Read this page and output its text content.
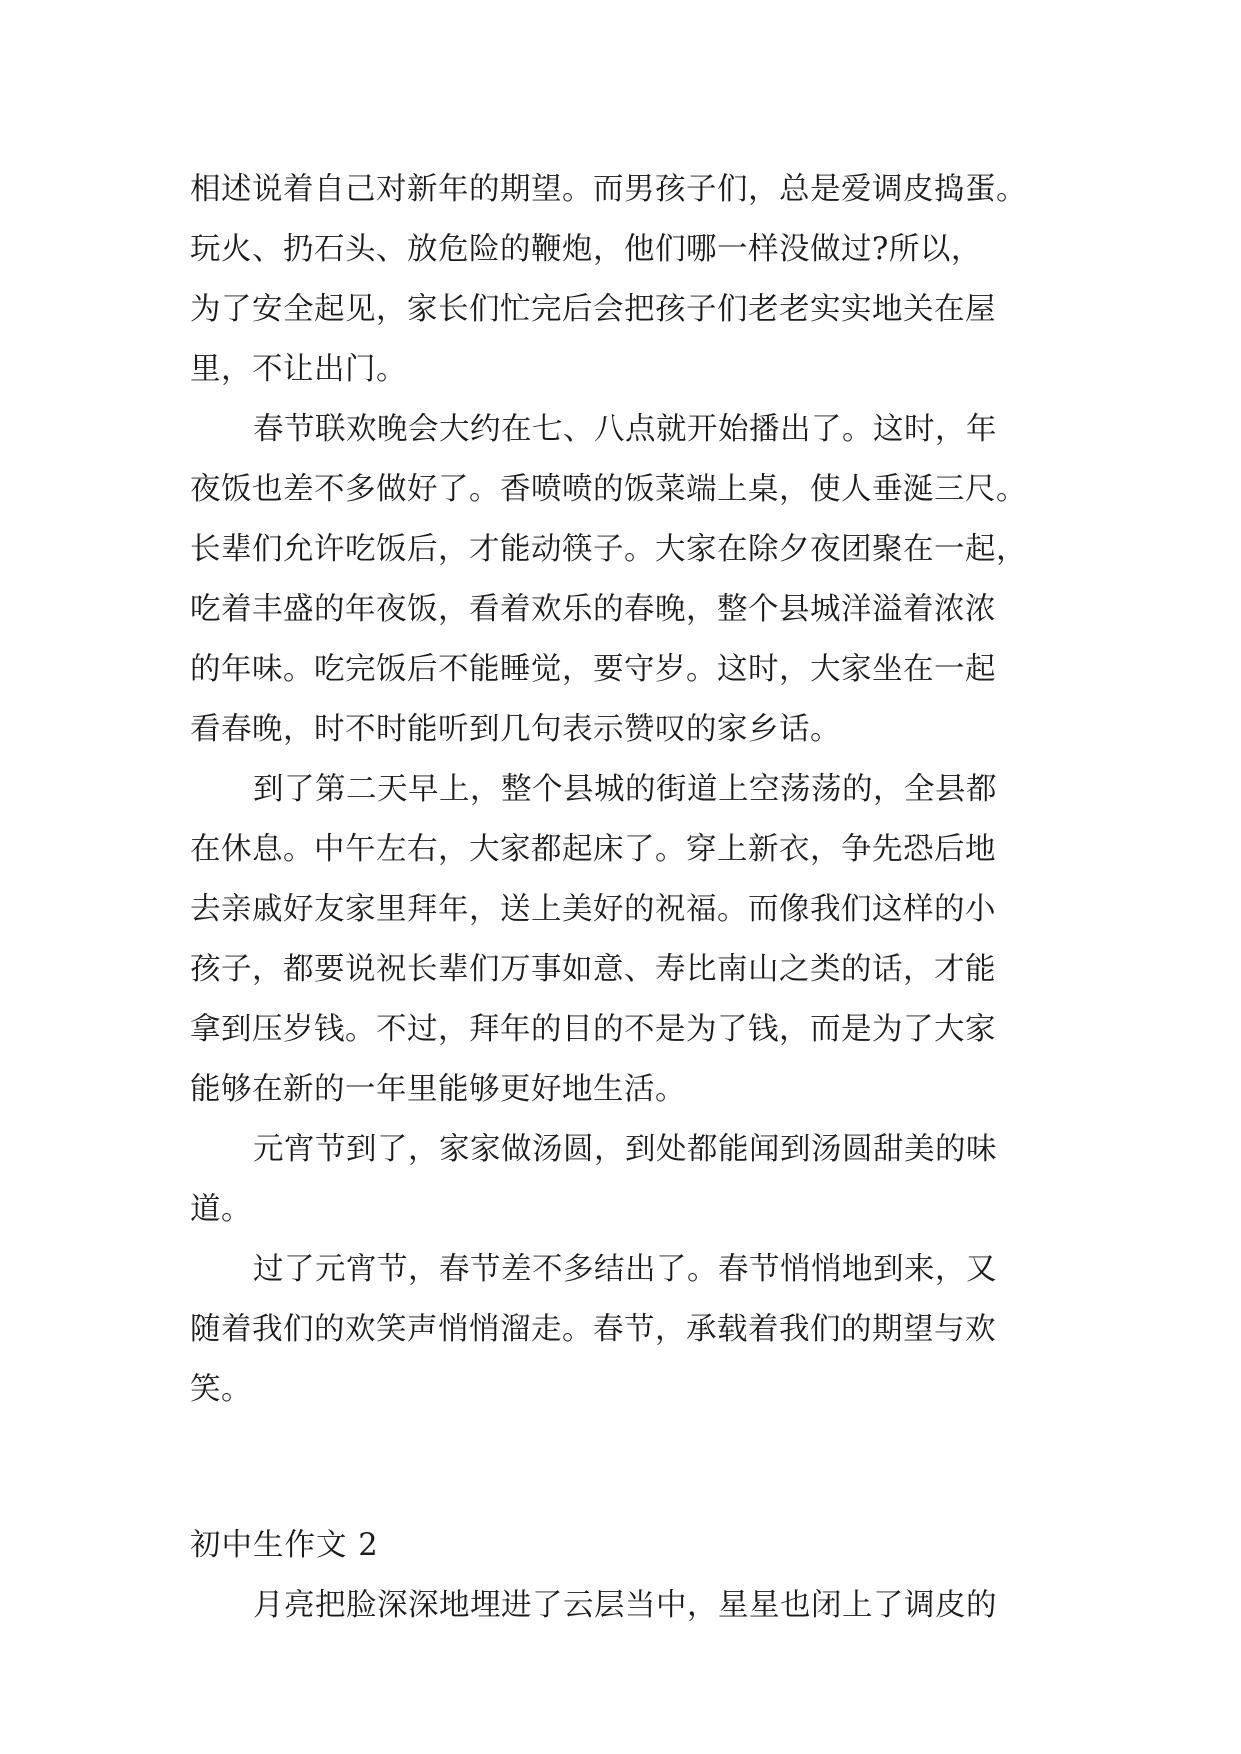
相述说着自己对新年的期望。而男孩子们，总是爱调皮捣蛋。
玩火、扔石头、放危险的鞭炮，他们哪一样没做过?所以，
为了安全起见，家长们忙完后会把孩子们老老实实地关在屋
里，不让出门。
春节联欢晚会大约在七、八点就开始播出了。这时，年
夜饭也差不多做好了。香喷喷的饭菜端上桌，使人垂涎三尺。
长辈们允许吃饭后，才能动筷子。大家在除夕夜团聚在一起，
吃着丰盛的年夜饭，看着欢乐的春晚，整个县城洋溢着浓浓
的年味。吃完饭后不能睡觉，要守岁。这时，大家坐在一起
看春晚，时不时能听到几句表示赞叹的家乡话。
到了第二天早上，整个县城的街道上空荡荡的，全县都
在休息。中午左右，大家都起床了。穿上新衣，争先恐后地
去亲戚好友家里拜年，送上美好的祝福。而像我们这样的小
孩子，都要说祝长辈们万事如意、寿比南山之类的话，才能
拿到压岁钱。不过，拜年的目的不是为了钱，而是为了大家
能够在新的一年里能够更好地生活。
元宵节到了，家家做汤圆，到处都能闻到汤圆甜美的味
道。
过了元宵节，春节差不多结出了。春节悄悄地到来，又
随着我们的欢笑声悄悄溜走。春节，承载着我们的期望与欢
笑。
初中生作文 2
月亮把脸深深地埋进了云层当中，星星也闭上了调皮的
